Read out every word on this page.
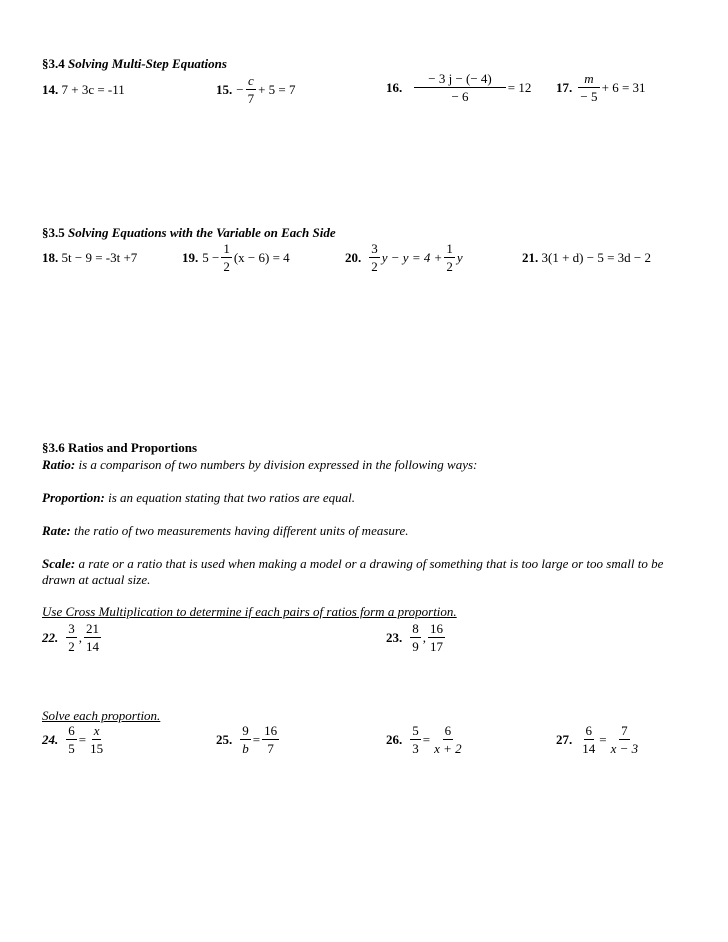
§3.4 Solving Multi-Step Equations
14. 7 + 3c = -11	15. − $\frac{c}{7} + 5 = 7$	16. $\frac{- 3 j - (- 4)}{- 6} = 12$ 17. $\frac{m}{- 5} + 6 = 31$
§3.5 Solving Equations with the Variable on Each Side
18. 5t − 9 = -3t +7	19. $5 - \frac{1}{2} (x - 6) = 4$	20. $\frac{3}{2}$ $y - y = 4 + \frac{1}{2}$ y	21. 3(1 + d) − 5 = 3d − 2
§3.6 Ratios and Proportions
Ratio: is a comparison of two numbers by division expressed in the following ways:
Proportion: is an equation stating that two ratios are equal.
Rate: the ratio of two measurements having different units of measure.
Scale: a rate or a ratio that is used when making a model or a drawing of something that is too large or too small to be drawn at actual size.
Use Cross Multiplication to determine if each pairs of ratios form a proportion.
22. $\frac{3}{2}$ , $\frac{21}{14}$	23. $\frac{8}{9}$ , $\frac{16}{17}$
Solve each proportion.
24. $\frac{6}{5} = \frac{x}{15}$	25. $\frac{9}{b} = \frac{16}{7}$	26. $\frac{5}{3} = \frac{6}{x + 2}$	27. $\frac{6}{14} = \frac{7}{x - 3}$
